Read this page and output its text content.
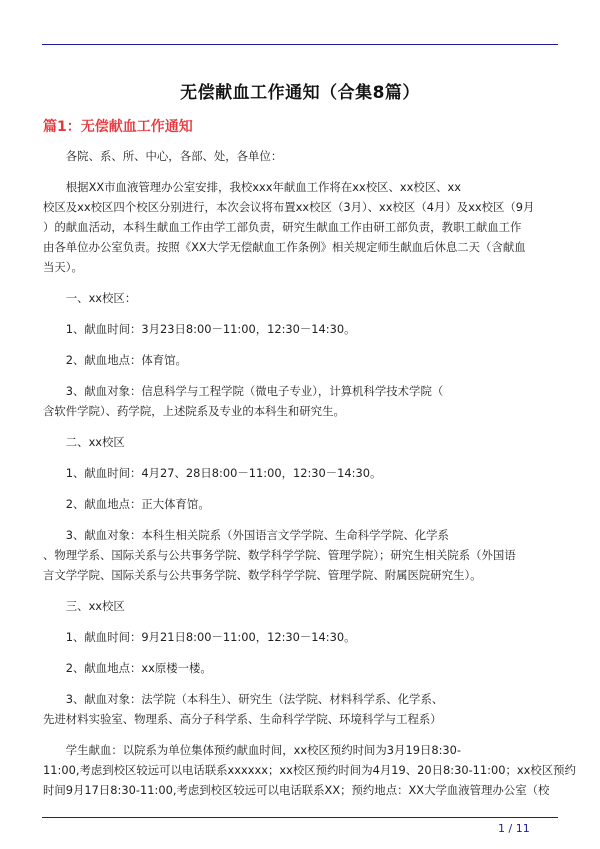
无偿献血工作通知（合集8篇）
篇1：无偿献血工作通知
　　各院、系、所、中心，各部、处，各单位：
　　根据XX市血液管理办公室安排，我校xxx年献血工作将在xx校区、xx校区、xx
校区及xx校区四个校区分别进行，本次会议将布置xx校区（3月）、xx校区（4月）及xx校区（9月
）的献血活动，本科生献血工作由学工部负责，研究生献血工作由研工部负责，教职工献血工作
由各单位办公室负责。按照《XX大学无偿献血工作条例》相关规定师生献血后休息二天（含献血
当天）。
　　一、xx校区：
　　1、献血时间：3月23日8:00－11:00，12:30－14:30。
　　2、献血地点：体育馆。
　　3、献血对象：信息科学与工程学院（微电子专业），计算机科学技术学院（
含软件学院）、药学院，上述院系及专业的本科生和研究生。
　　二、xx校区
　　1、献血时间：4月27、28日8:00－11:00，12:30－14:30。
　　2、献血地点：正大体育馆。
　　3、献血对象：本科生相关院系（外国语言文学学院、生命科学学院、化学系
、物理学系、国际关系与公共事务学院、数学科学学院、管理学院）；研究生相关院系（外国语
言文学学院、国际关系与公共事务学院、数学科学学院、管理学院、附属医院研究生）。
　　三、xx校区
　　1、献血时间：9月21日8:00－11:00，12:30－14:30。
　　2、献血地点：xx原楼一楼。
　　3、献血对象：法学院（本科生）、研究生（法学院、材料科学系、化学系、
先进材料实验室、物理系、高分子科学系、生命科学学院、环境科学与工程系）
　　学生献血：以院系为单位集体预约献血时间，xx校区预约时间为3月19日8:30-
11:00,考虑到校区较远可以电话联系xxxxxx；xx校区预约时间为4月19、20日8:30-11:00；xx校区预约
时间9月17日8:30-11:00,考虑到校区较远可以电话联系XX；预约地点：XX大学血液管理办公室（校
1 / 11
